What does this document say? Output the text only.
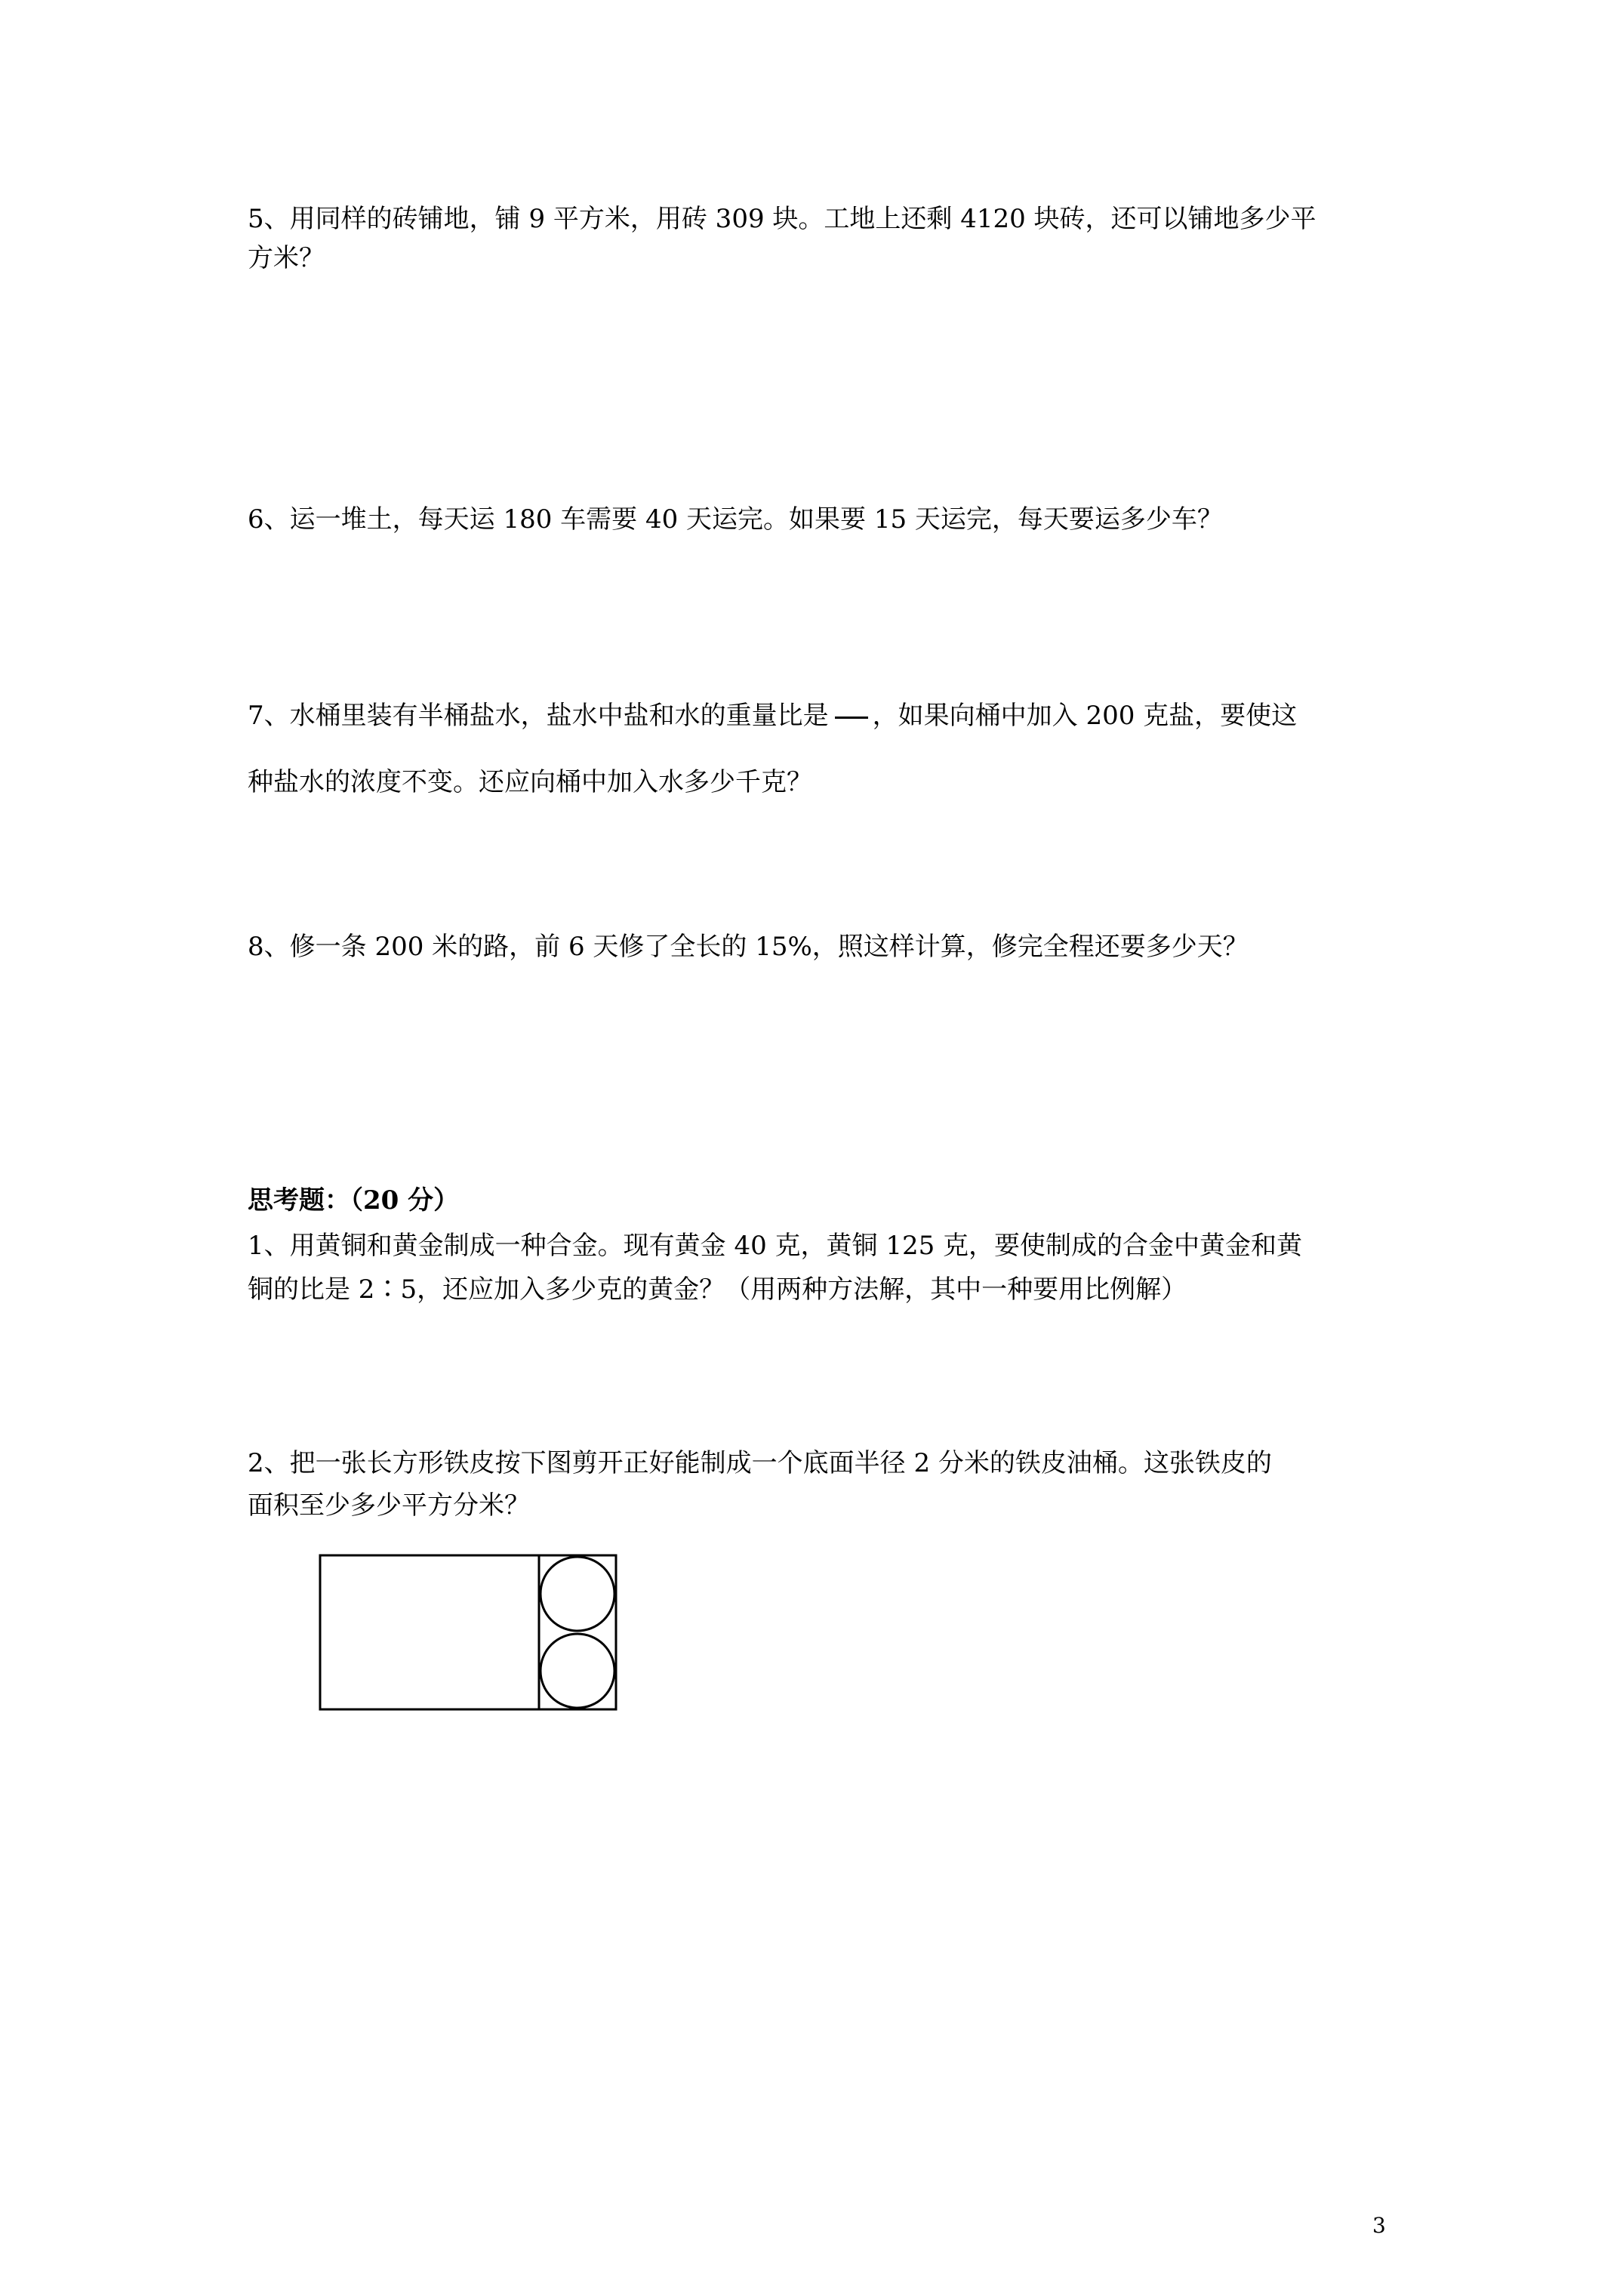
5、用同样的砖铺地，铺 9 平方米，用砖 309 块。工地上还剩 4120 块砖，还可以铺地多少平

方米？

6、运一堆土，每天运 180 车需要 40 天运完。如果要 15 天运完，每天要运多少车？

7、水桶里装有半桶盐水，盐水中盐和水的重量比是 ，如果向桶中加入 200 克盐，要使这

种盐水的浓度不变。还应向桶中加入水多少千克？

8、修一条 200 米的路，前 6 天修了全长的 15%，照这样计算，修完全程还要多少天？

思考题：（20 分）

1、用黄铜和黄金制成一种合金。现有黄金 40 克，黄铜 125 克，要使制成的合金中黄金和黄

铜的比是 2∶5，还应加入多少克的黄金？（用两种方法解，其中一种要用比例解）

2、把一张长方形铁皮按下图剪开正好能制成一个底面半径 2 分米的铁皮油桶。这张铁皮的

面积至少多少平方分米？

3
